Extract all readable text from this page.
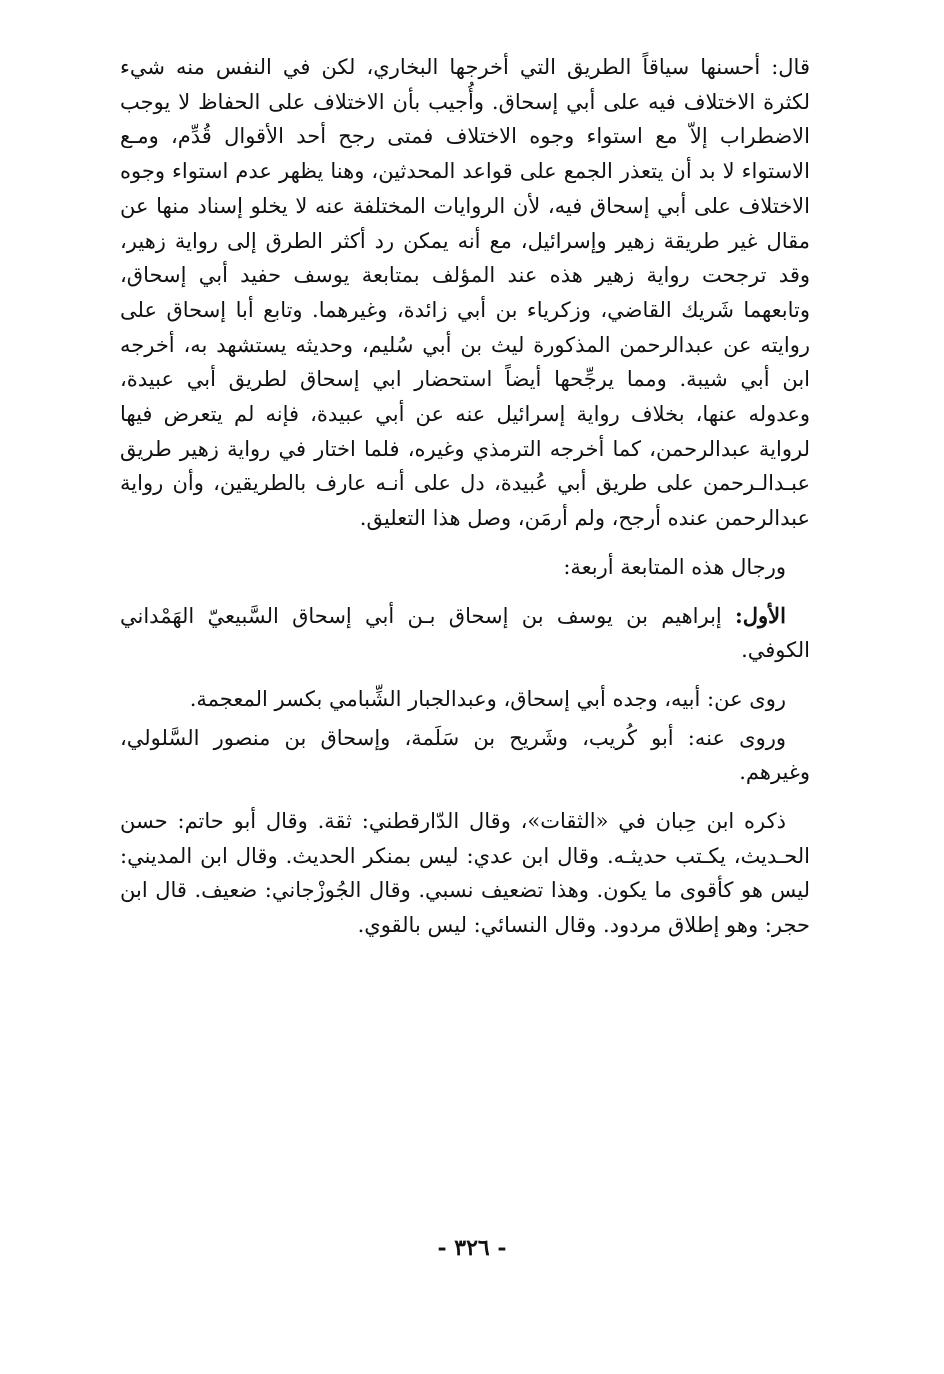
قال: أحسنها سياقاً الطريق التي أخرجها البخاري، لكن في النفس منه شيء لكثرة الاختلاف فيه على أبي إسحاق. وأُجيب بأن الاختلاف على الحفاظ لا يوجب الاضطراب إلاّ مع استواء وجوه الاختلاف فمتى رجح أحد الأقوال قُدِّم، ومـع الاستواء لا بد أن يتعذر الجمع على قواعد المحدثين، وهنا يظهر عدم استواء وجوه الاختلاف على أبي إسحاق فيه، لأن الروايات المختلفة عنه لا يخلو إسناد منها عن مقال غير طريقة زهير وإسرائيل، مع أنه يمكن رد أكثر الطرق إلى رواية زهير، وقد ترجحت رواية زهير هذه عند المؤلف بمتابعة يوسف حفيد أبي إسحاق، وتابعهما شَريك القاضي، وزكرياء بن أبي زائدة، وغيرهما. وتابع أبا إسحاق على روايته عن عبدالرحمن المذكورة ليث بن أبي سُليم، وحديثه يستشهد به، أخرجه ابن أبي شيبة. ومما يرجِّحها أيضاً استحضار ابي إسحاق لطريق أبي عبيدة، وعدوله عنها، بخلاف رواية إسرائيل عنه عن أبي عبيدة، فإنه لم يتعرض فيها لرواية عبدالرحمن، كما أخرجه الترمذي وغيره، فلما اختار في رواية زهير طريق عبـدالـرحمن على طريق أبي عُبيدة، دل على أنـه عارف بالطريقين، وأن رواية عبدالرحمن عنده أرجح، ولم أرمَن، وصل هذا التعليق.

ورجال هذه المتابعة أربعة:

الأول: إبراهيم بن يوسف بن إسحاق بـن أبي إسحاق السَّبيعيّ الهَمْداني الكوفي.

روى عن: أبيه، وجده أبي إسحاق، وعبدالجبار الشِّبامي بكسر المعجمة.

وروى عنه: أبو كُريب، وشَريح بن سَلَمة، وإسحاق بن منصور السَّلولي، وغيرهم.

ذكره ابن حِبان في «الثقات»، وقال الدّارقطني: ثقة. وقال أبو حاتم: حسن الحـديث، يكـتب حديثـه. وقال ابن عدي: ليس بمنكر الحديث. وقال ابن المديني: ليس هو كأقوى ما يكون. وهذا تضعيف نسبي. وقال الجُوزْجاني: ضعيف. قال ابن حجر: وهو إطلاق مردود. وقال النسائي: ليس بالقوي.

- ٣٢٦ -
